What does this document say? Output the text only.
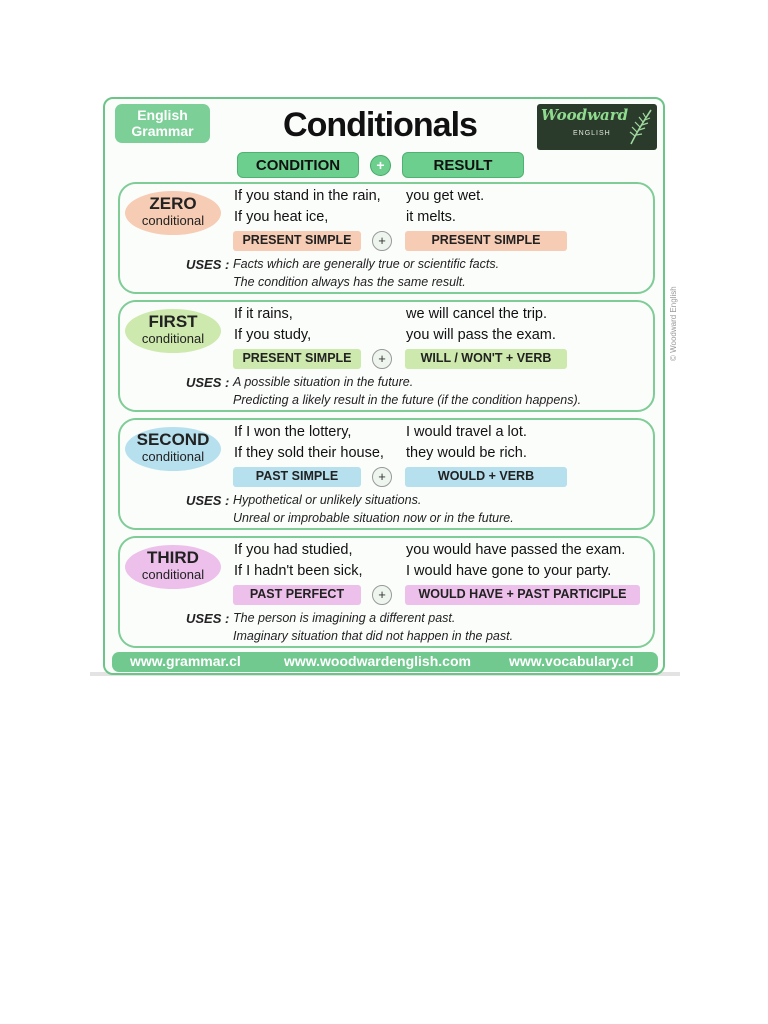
English
Grammar	Conditionals	Woodward
ENGLISH
CONDITION	+	RESULT
ZERO
conditional
If you stand in the rain, you get wet.
If you heat ice,	it melts.
PRESENT SIMPLE	+	PRESENT SIMPLE
USES : Facts which are generally true or scientific facts.
The condition always has the same result.
FIRST
conditional
If it rains,	we will cancel the trip.
If you study,	you will pass the exam.
PRESENT SIMPLE	+	WILL / WON'T + VERB
USES : A possible situation in the future.
Predicting a likely result in the future (if the condition happens).
SECOND
conditional
If I won the lottery,	I would travel a lot.
If they sold their house, they would be rich.
PAST SIMPLE	+	WOULD + VERB
USES : Hypothetical or unlikely situations.
Unreal or improbable situation now or in the future.
THIRD
conditional
If you had studied,	you would have passed the exam.
If I hadn't been sick,	I would have gone to your party.
PAST PERFECT	+	WOULD HAVE + PAST PARTICIPLE
USES : The person is imagining a different past.
Imaginary situation that did not happen in the past.
www.grammar.cl	www.woodwardenglish.com	www.vocabulary.cl
© Woodward English
